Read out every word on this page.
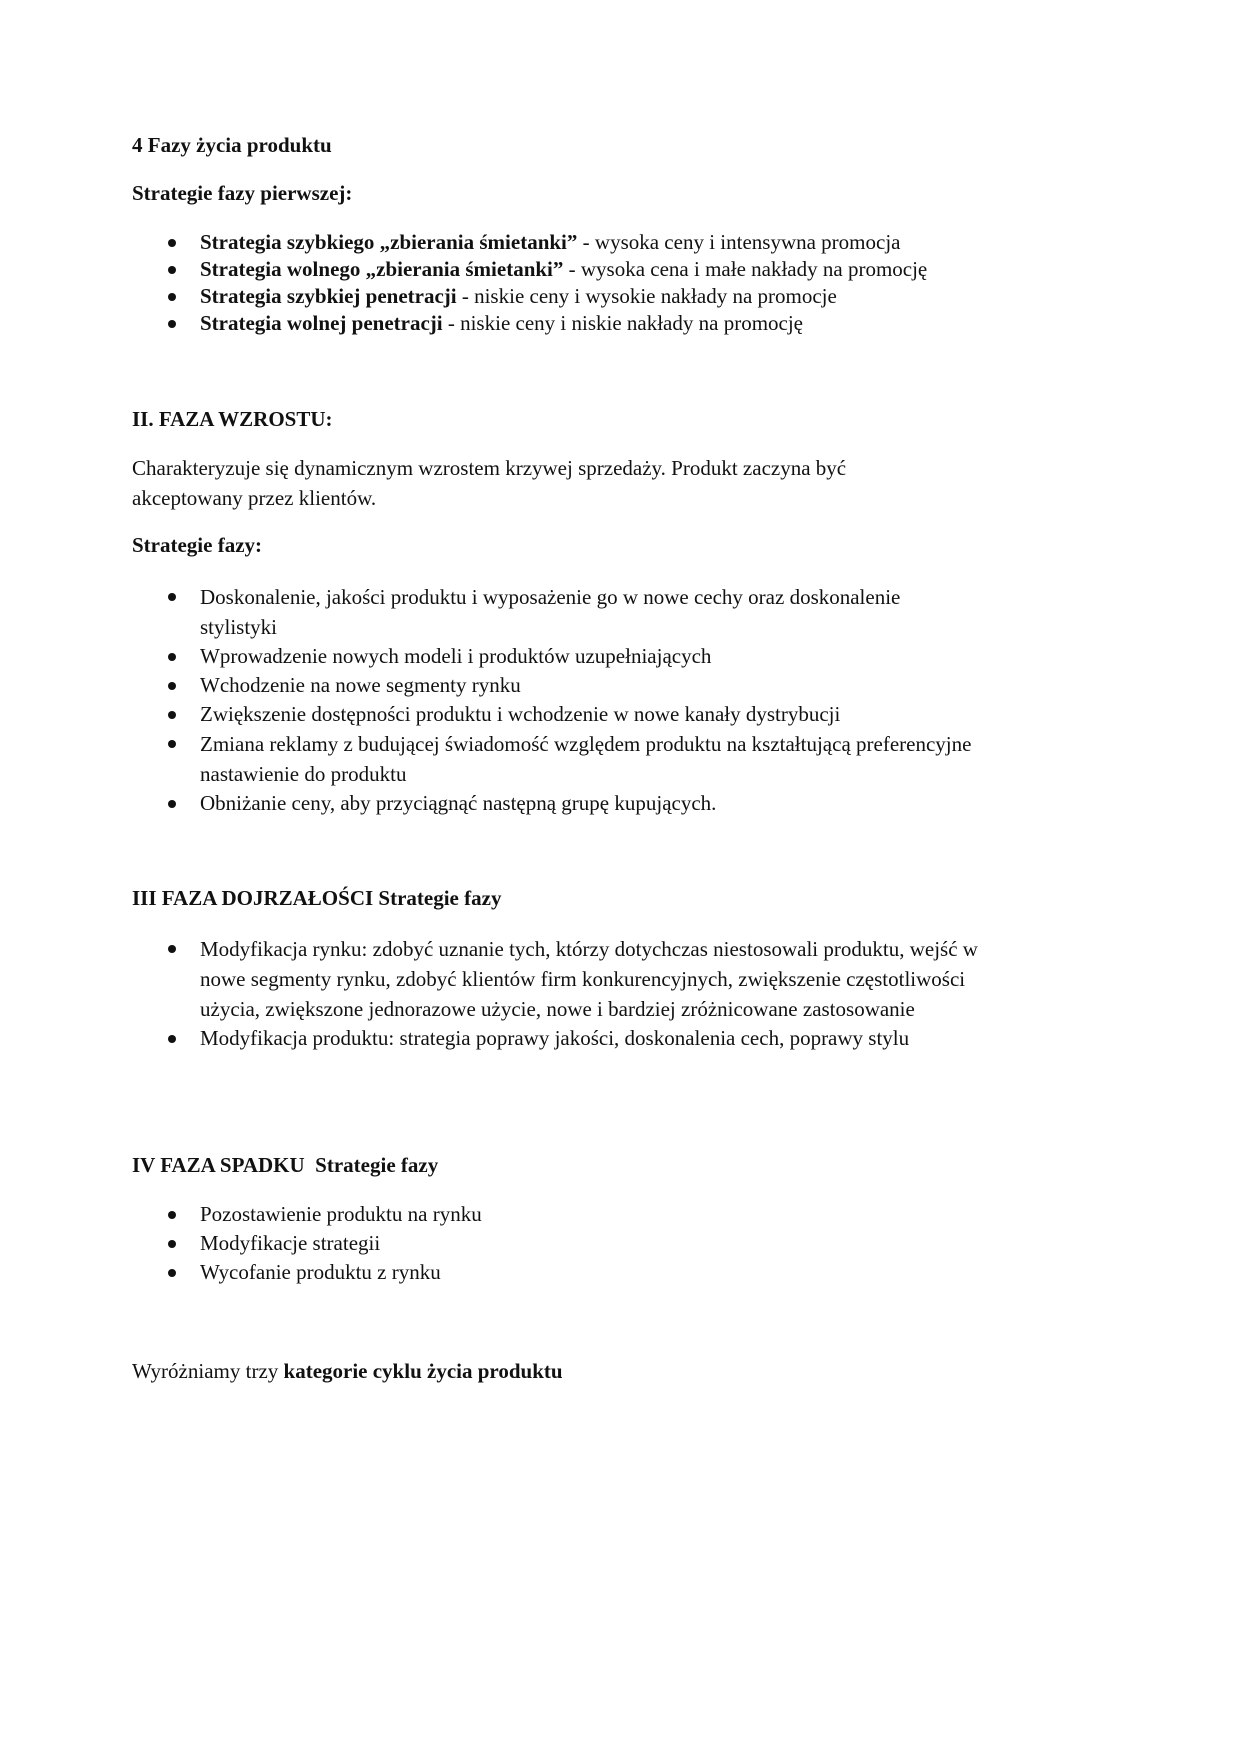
4 Fazy życia produktu
Strategie fazy pierwszej:
Strategia szybkiego „zbierania śmietanki” - wysoka ceny i intensywna promocja
Strategia wolnego „zbierania śmietanki” - wysoka cena i małe nakłady na promocję
Strategia szybkiej penetracji - niskie ceny i wysokie nakłady na promocje
Strategia wolnej penetracji - niskie ceny i niskie nakłady na promocję
II. FAZA WZROSTU:
Charakteryzuje się dynamicznym wzrostem krzywej sprzedaży. Produkt zaczyna być akceptowany przez klientów.
Strategie fazy:
Doskonalenie, jakości produktu i wyposażenie go w nowe cechy oraz doskonalenie stylistyki
Wprowadzenie nowych modeli i produktów uzupełniających
Wchodzenie na nowe segmenty rynku
Zwiększenie dostępności produktu i wchodzenie w nowe kanały dystrybucji
Zmiana reklamy z budującej świadomość względem produktu na kształtującą preferencyjne nastawienie do produktu
Obniżanie ceny, aby przyciągnąć następną grupę kupujących.
III FAZA DOJRZAŁOŚCI Strategie fazy
Modyfikacja rynku: zdobyć uznanie tych, którzy dotychczas niestosowali produktu, wejść w nowe segmenty rynku, zdobyć klientów firm konkurencyjnych, zwiększenie częstotliwości użycia, zwiększone jednorazowe użycie, nowe i bardziej zróżnicowane zastosowanie
Modyfikacja produktu: strategia poprawy jakości, doskonalenia cech, poprawy stylu
IV FAZA SPADKU  Strategie fazy
Pozostawienie produktu na rynku
Modyfikacje strategii
Wycofanie produktu z rynku
Wyróżniamy trzy kategorie cyklu życia produktu
